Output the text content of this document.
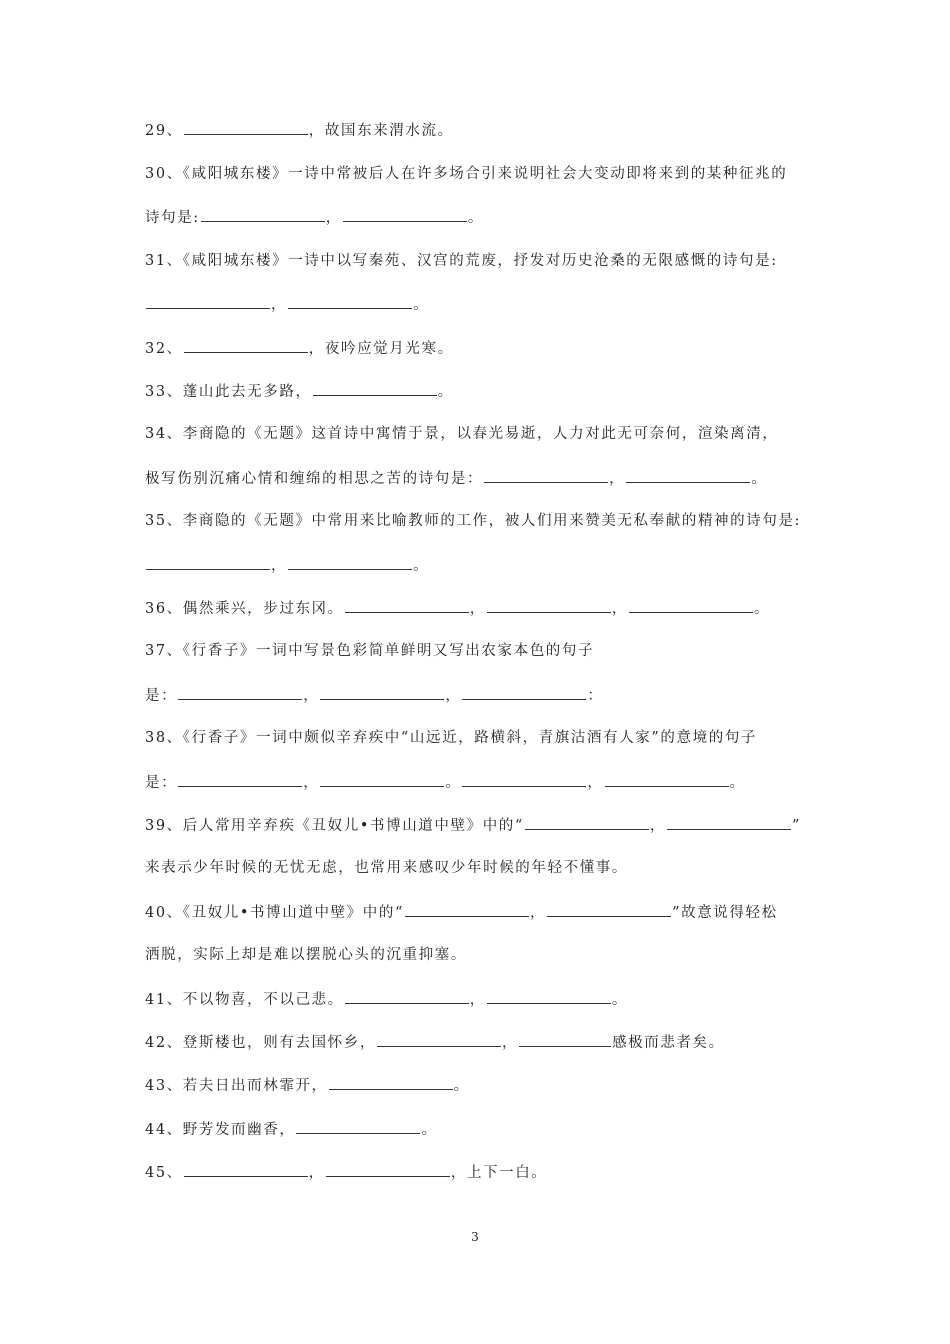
29、	，故国东来渭水流。
30、《咸阳城东楼》一诗中常被后人在许多场合引来说明社会大变动即将来到的某种征兆的
诗句是:	，	。
31、《咸阳城东楼》一诗中以写秦苑、汉宫的荒废，抒发对历史沧桑的无限感慨的诗句是:
，	。
32、	，夜吟应觉月光寒。
33、蓬山此去无多路，	。
34、李商隐的《无题》这首诗中寓情于景，以春光易逝，人力对此无可奈何，渲染离清，
极写伤别沉痛心情和缠绵的相思之苦的诗句是：	，	。
35、李商隐的《无题》中常用来比喻教师的工作，被人们用来赞美无私奉献的精神的诗句是:
，	。
36、偶然乘兴，步过东冈。	，	，	。
37、《行香子》一词中写景色彩简单鲜明又写出农家本色的句子
是：	，	，	：
38、《行香子》一词中颇似辛弃疾中“山远近，路横斜，青旗沽酒有人家”的意境的句子
是：	，	。	，	。
39、后人常用辛弃疾《丑奴儿•书博山道中壁》中的“	，	”
来表示少年时候的无忧无虑，也常用来感叹少年时候的年轻不懂事。
40、《丑奴儿•书博山道中壁》中的“	，	”故意说得轻松
洒脱，实际上却是难以摆脱心头的沉重抑塞。
41、不以物喜，不以己悲。	，	。
42、登斯楼也，则有去国怀乡，	，	感极而悲者矣。
43、若夫日出而林霏开，	。
44、野芳发而幽香，	。
45、	，	，上下一白。
3
